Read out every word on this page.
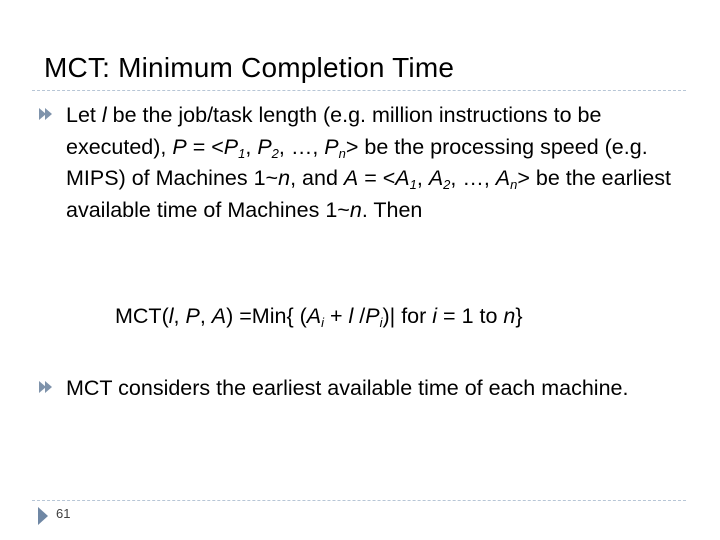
MCT: Minimum Completion Time
Let l be the job/task length (e.g. million instructions to be executed), $P = <P_1$, $P_2$, …, $P_n>$ be the processing speed (e.g. MIPS) of Machines 1~n, and $A = <A_1$, $A_2$, …, $A_n>$ be the earliest available time of Machines 1~n. Then
MCT(l, P, A) =Min{ ($A_i + l$ $/P_i)|$ for i = 1 to n}
MCT considers the earliest available time of each machine.
61
